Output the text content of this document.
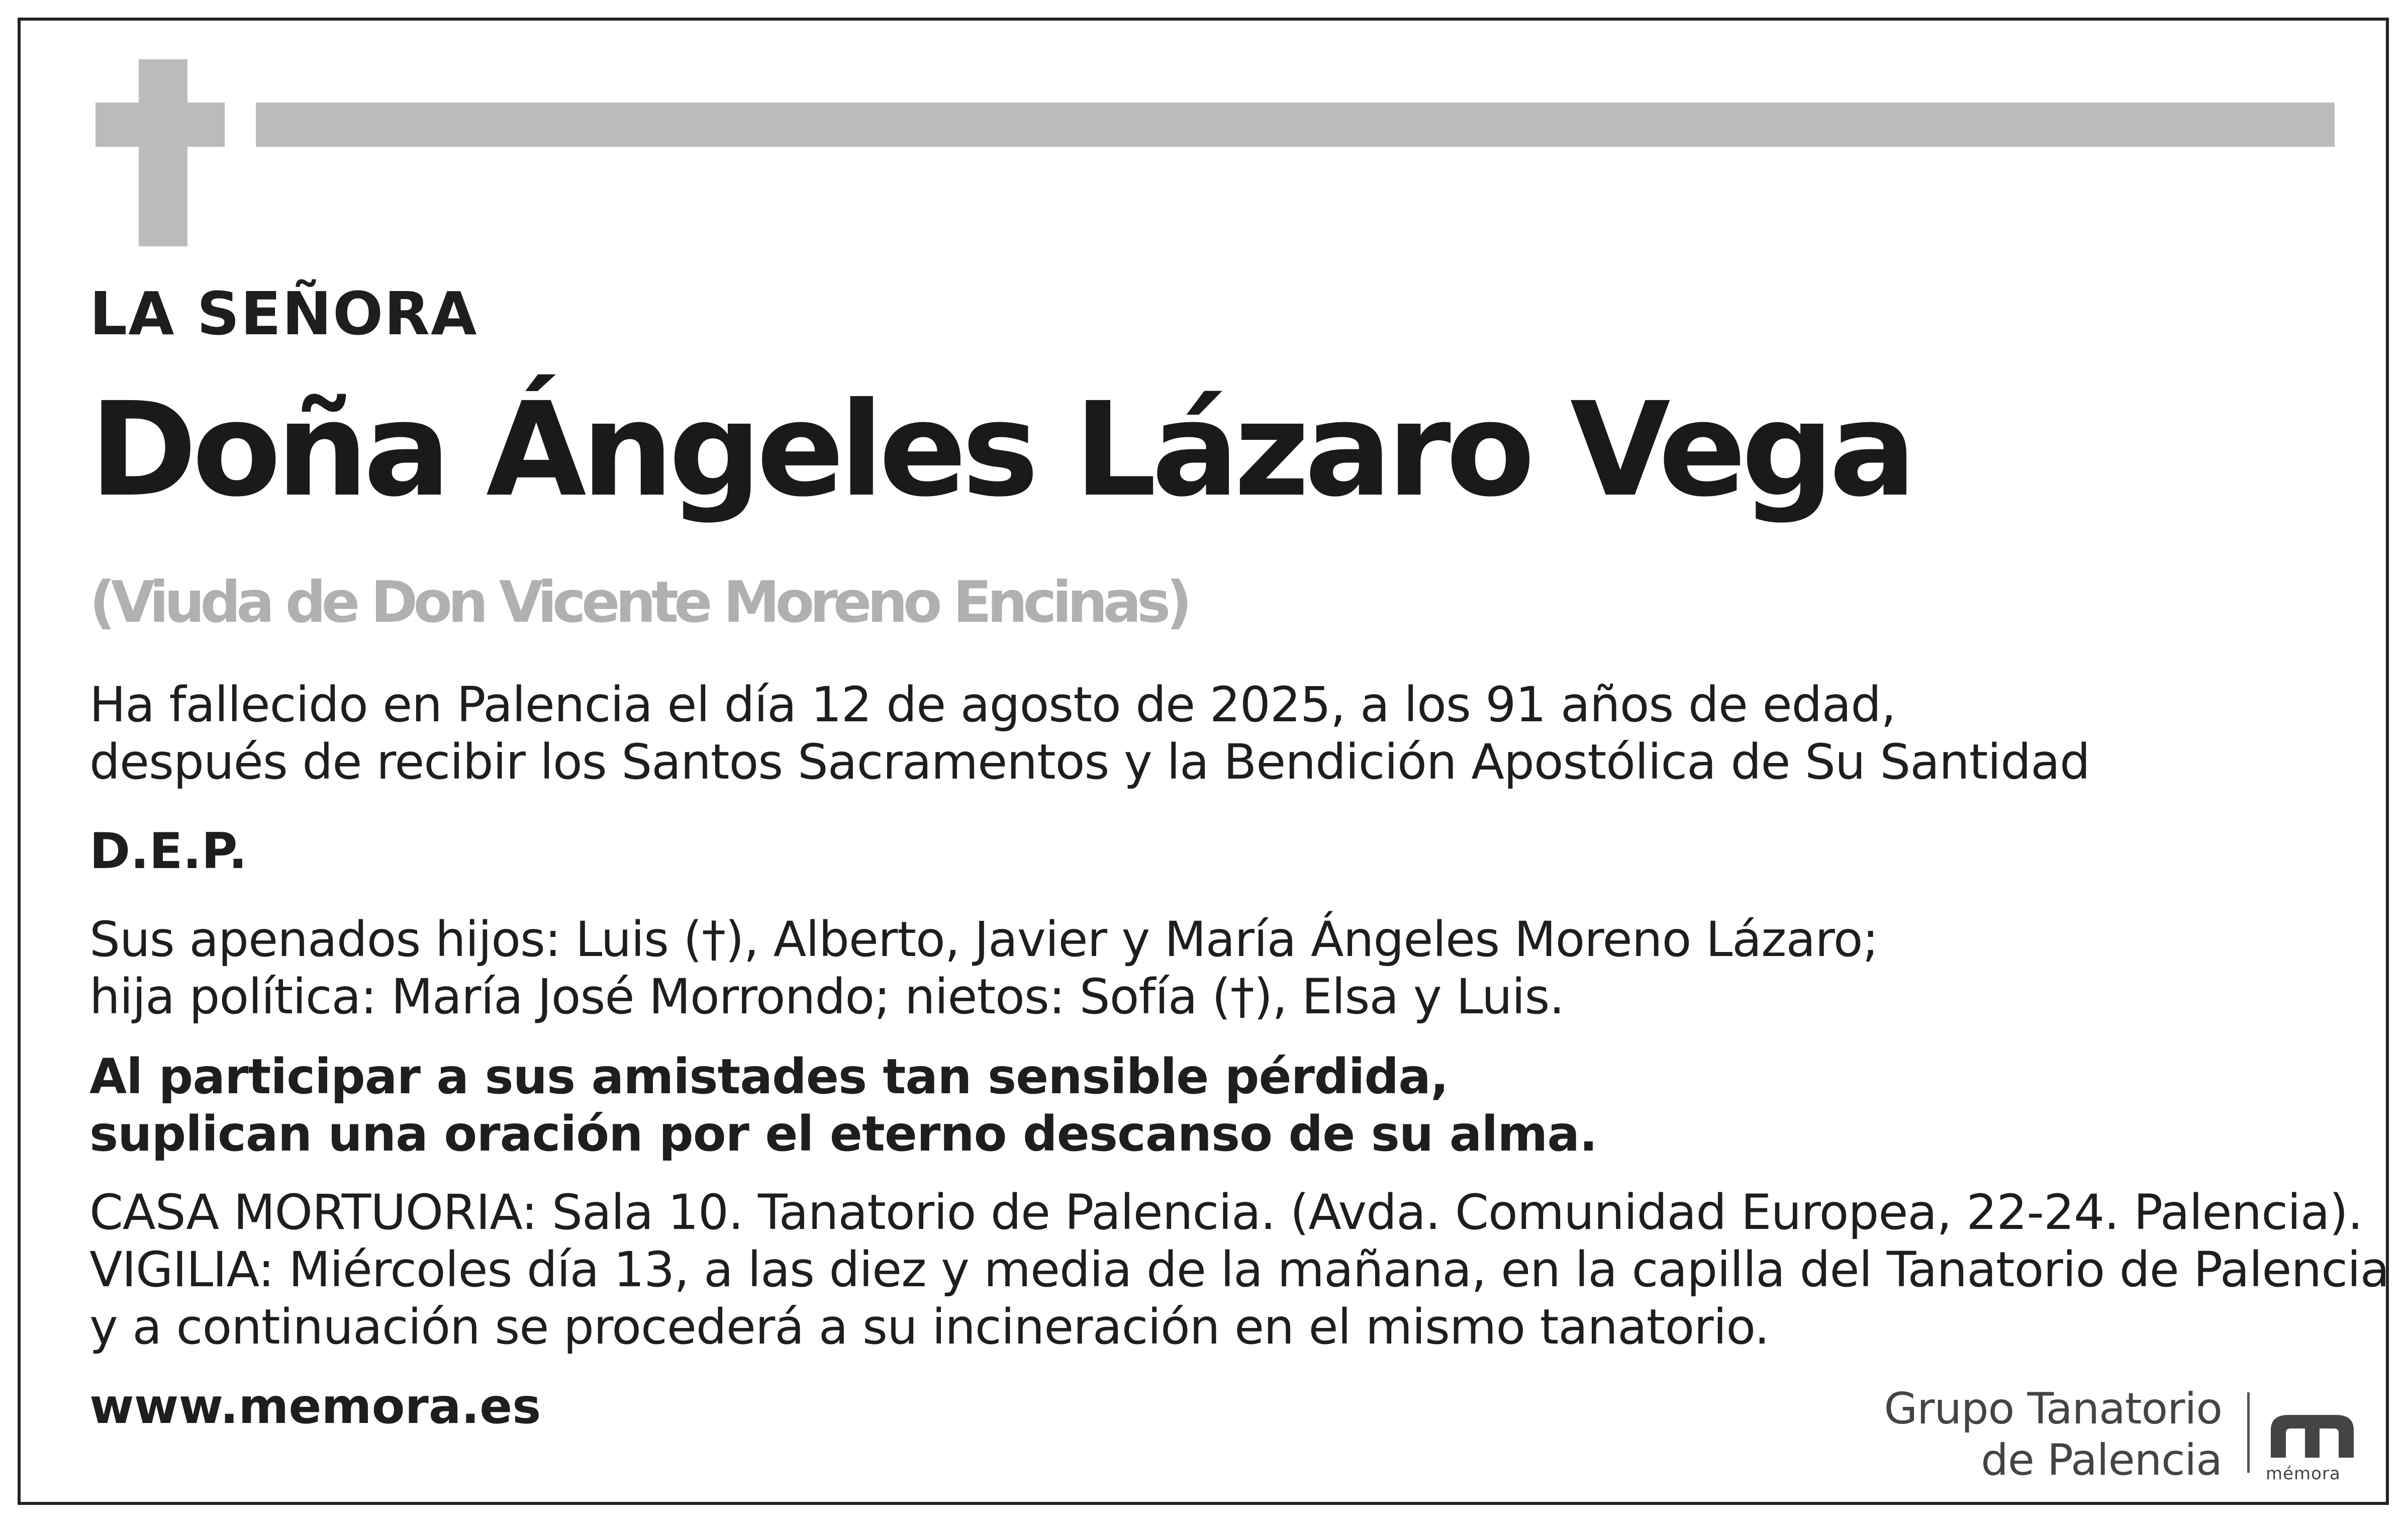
LA SEÑORA
Doña Ángeles Lázaro Vega

(Viuda de Don Vicente Moreno Encinas)

Ha fallecido en Palencia el día 12 de agosto de 2025, a los 91 años de edad,
después de recibir los Santos Sacramentos y la Bendición Apostólica de Su Santidad

D.E.P.

Sus apenados hijos: Luis (†), Alberto, Javier y María Ángeles Moreno Lázaro;
hija política: María José Morrondo; nietos: Sofía (†), Elsa y Luis.

Al participar a sus amistades tan sensible pérdida,
suplican una oración por el eterno descanso de su alma.

CASA MORTUORIA: Sala 10. Tanatorio de Palencia. (Avda. Comunidad Europea, 22-24. Palencia).
VIGILIA: Miércoles día 13, a las diez y media de la mañana, en la capilla del Tanatorio de Palencia
y a continuación se procederá a su incineración en el mismo tanatorio.

www.memora.es	Grupo Tanatorio
de Palencia	mémora
